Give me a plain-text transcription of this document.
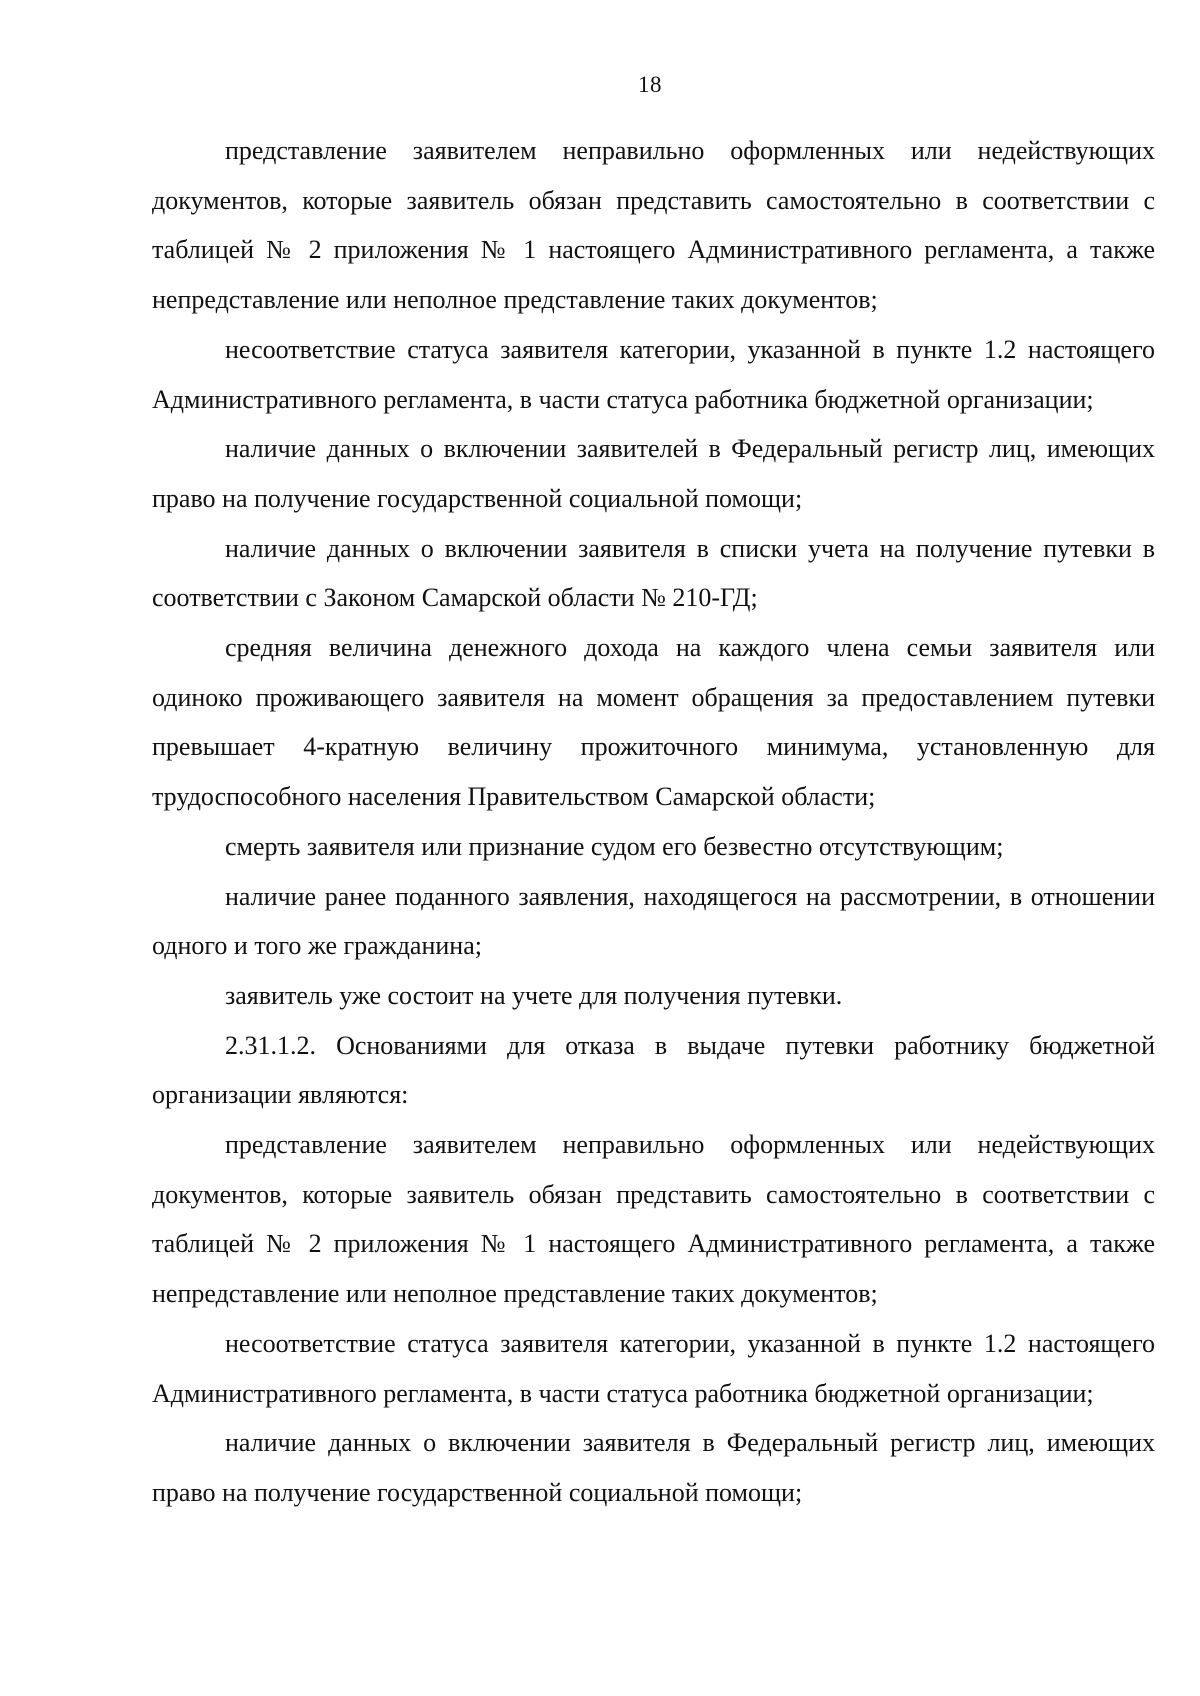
18

представление заявителем неправильно оформленных или недействующих документов, которые заявитель обязан представить самостоятельно в соответствии с таблицей № 2 приложения № 1 настоящего Административного регламента, а также непредставление или неполное представление таких документов;

несоответствие статуса заявителя категории, указанной в пункте 1.2 настоящего Административного регламента, в части статуса работника бюджетной организации;

наличие данных о включении заявителей в Федеральный регистр лиц, имеющих право на получение государственной социальной помощи;

наличие данных о включении заявителя в списки учета на получение путевки в соответствии с Законом Самарской области № 210-ГД;

средняя величина денежного дохода на каждого члена семьи заявителя или одиноко проживающего заявителя на момент обращения за предоставлением путевки превышает 4-кратную величину прожиточного минимума, установленную для трудоспособного населения Правительством Самарской области;

смерть заявителя или признание судом его безвестно отсутствующим;

наличие ранее поданного заявления, находящегося на рассмотрении, в отношении одного и того же гражданина;

заявитель уже состоит на учете для получения путевки.

2.31.1.2. Основаниями для отказа в выдаче путевки работнику бюджетной организации являются:

представление заявителем неправильно оформленных или недействующих документов, которые заявитель обязан представить самостоятельно в соответствии с таблицей № 2 приложения № 1 настоящего Административного регламента, а также непредставление или неполное представление таких документов;

несоответствие статуса заявителя категории, указанной в пункте 1.2 настоящего Административного регламента, в части статуса работника бюджетной организации;

наличие данных о включении заявителя в Федеральный регистр лиц, имеющих право на получение государственной социальной помощи;
